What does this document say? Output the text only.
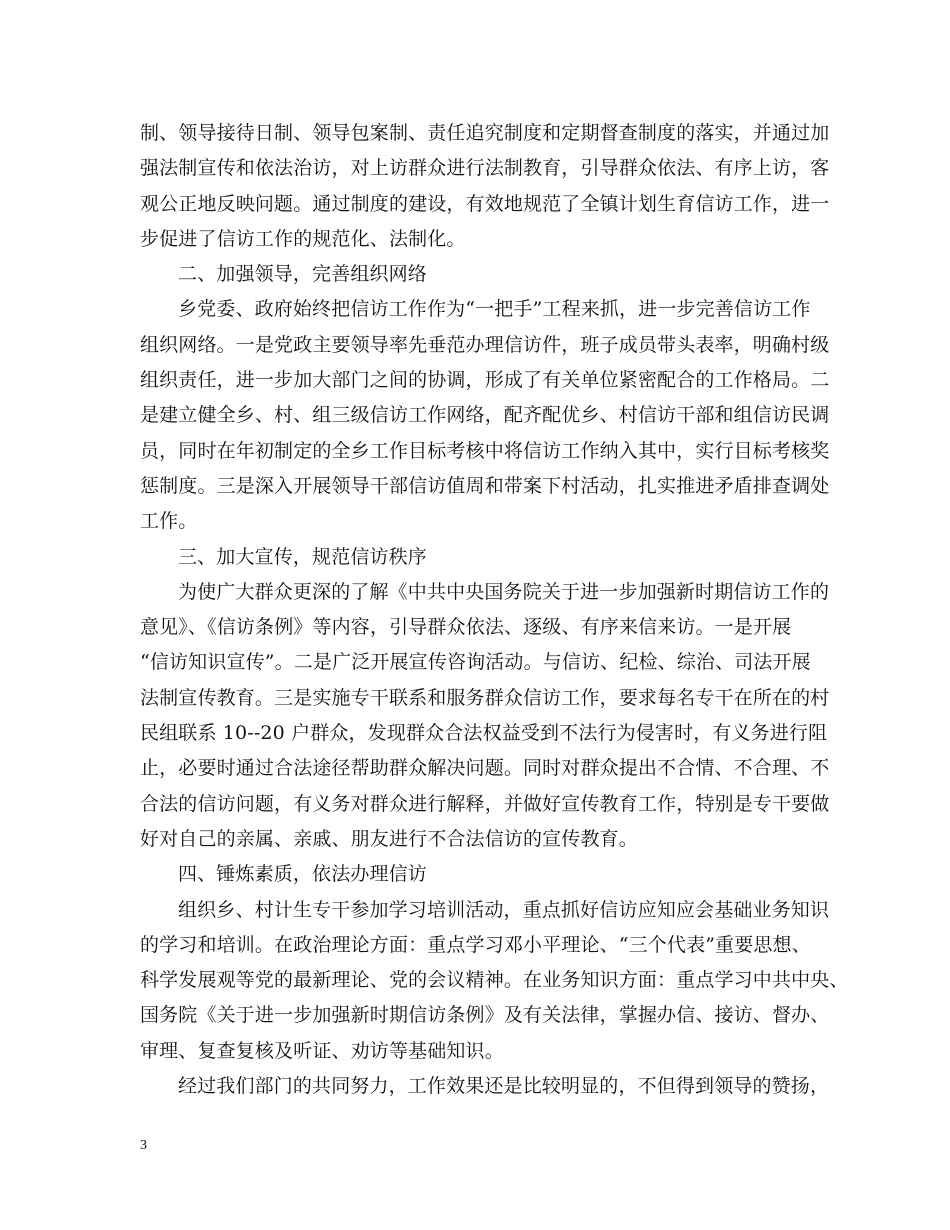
制、领导接待日制、领导包案制、责任追究制度和定期督查制度的落实，并通过加
强法制宣传和依法治访，对上访群众进行法制教育，引导群众依法、有序上访，客
观公正地反映问题。通过制度的建设，有效地规范了全镇计划生育信访工作，进一
步促进了信访工作的规范化、法制化。
二、加强领导，完善组织网络
乡党委、政府始终把信访工作作为“一把手”工程来抓，进一步完善信访工作
组织网络。一是党政主要领导率先垂范办理信访件，班子成员带头表率，明确村级
组织责任，进一步加大部门之间的协调，形成了有关单位紧密配合的工作格局。二
是建立健全乡、村、组三级信访工作网络，配齐配优乡、村信访干部和组信访民调
员，同时在年初制定的全乡工作目标考核中将信访工作纳入其中，实行目标考核奖
惩制度。三是深入开展领导干部信访值周和带案下村活动，扎实推进矛盾排查调处
工作。
三、加大宣传，规范信访秩序
为使广大群众更深的了解《中共中央国务院关于进一步加强新时期信访工作的
意见》、《信访条例》等内容，引导群众依法、逐级、有序来信来访。一是开展
“信访知识宣传”。二是广泛开展宣传咨询活动。与信访、纪检、综治、司法开展
法制宣传教育。三是实施专干联系和服务群众信访工作，要求每名专干在所在的村
民组联系 10--20 户群众，发现群众合法权益受到不法行为侵害时，有义务进行阻
止，必要时通过合法途径帮助群众解决问题。同时对群众提出不合情、不合理、不
合法的信访问题，有义务对群众进行解释，并做好宣传教育工作，特别是专干要做
好对自己的亲属、亲戚、朋友进行不合法信访的宣传教育。
四、锤炼素质，依法办理信访
组织乡、村计生专干参加学习培训活动，重点抓好信访应知应会基础业务知识
的学习和培训。在政治理论方面：重点学习邓小平理论、“三个代表”重要思想、
科学发展观等党的最新理论、党的会议精神。在业务知识方面：重点学习中共中央、
国务院《关于进一步加强新时期信访条例》及有关法律，掌握办信、接访、督办、
审理、复查复核及听证、劝访等基础知识。
经过我们部门的共同努力，工作效果还是比较明显的，不但得到领导的赞扬，
3
